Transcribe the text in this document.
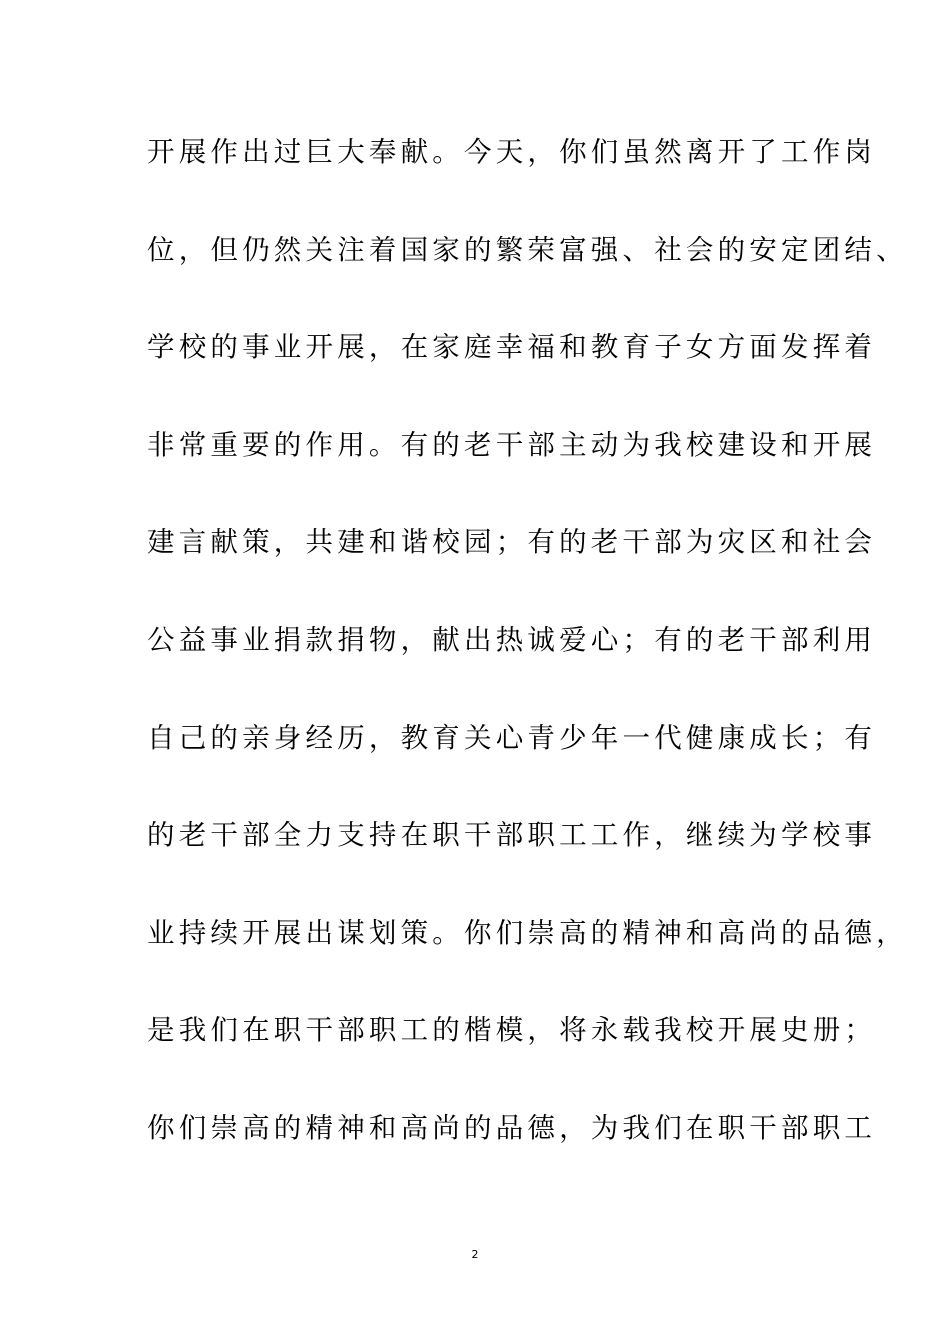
开展作出过巨大奉献。今天，你们虽然离开了工作岗
位，但仍然关注着国家的繁荣富强、社会的安定团结、
学校的事业开展，在家庭幸福和教育子女方面发挥着
非常重要的作用。有的老干部主动为我校建设和开展
建言献策，共建和谐校园；有的老干部为灾区和社会
公益事业捐款捐物，献出热诚爱心；有的老干部利用
自己的亲身经历，教育关心青少年一代健康成长；有
的老干部全力支持在职干部职工工作，继续为学校事
业持续开展出谋划策。你们崇高的精神和高尚的品德，
是我们在职干部职工的楷模，将永载我校开展史册；
你们崇高的精神和高尚的品德，为我们在职干部职工
2
